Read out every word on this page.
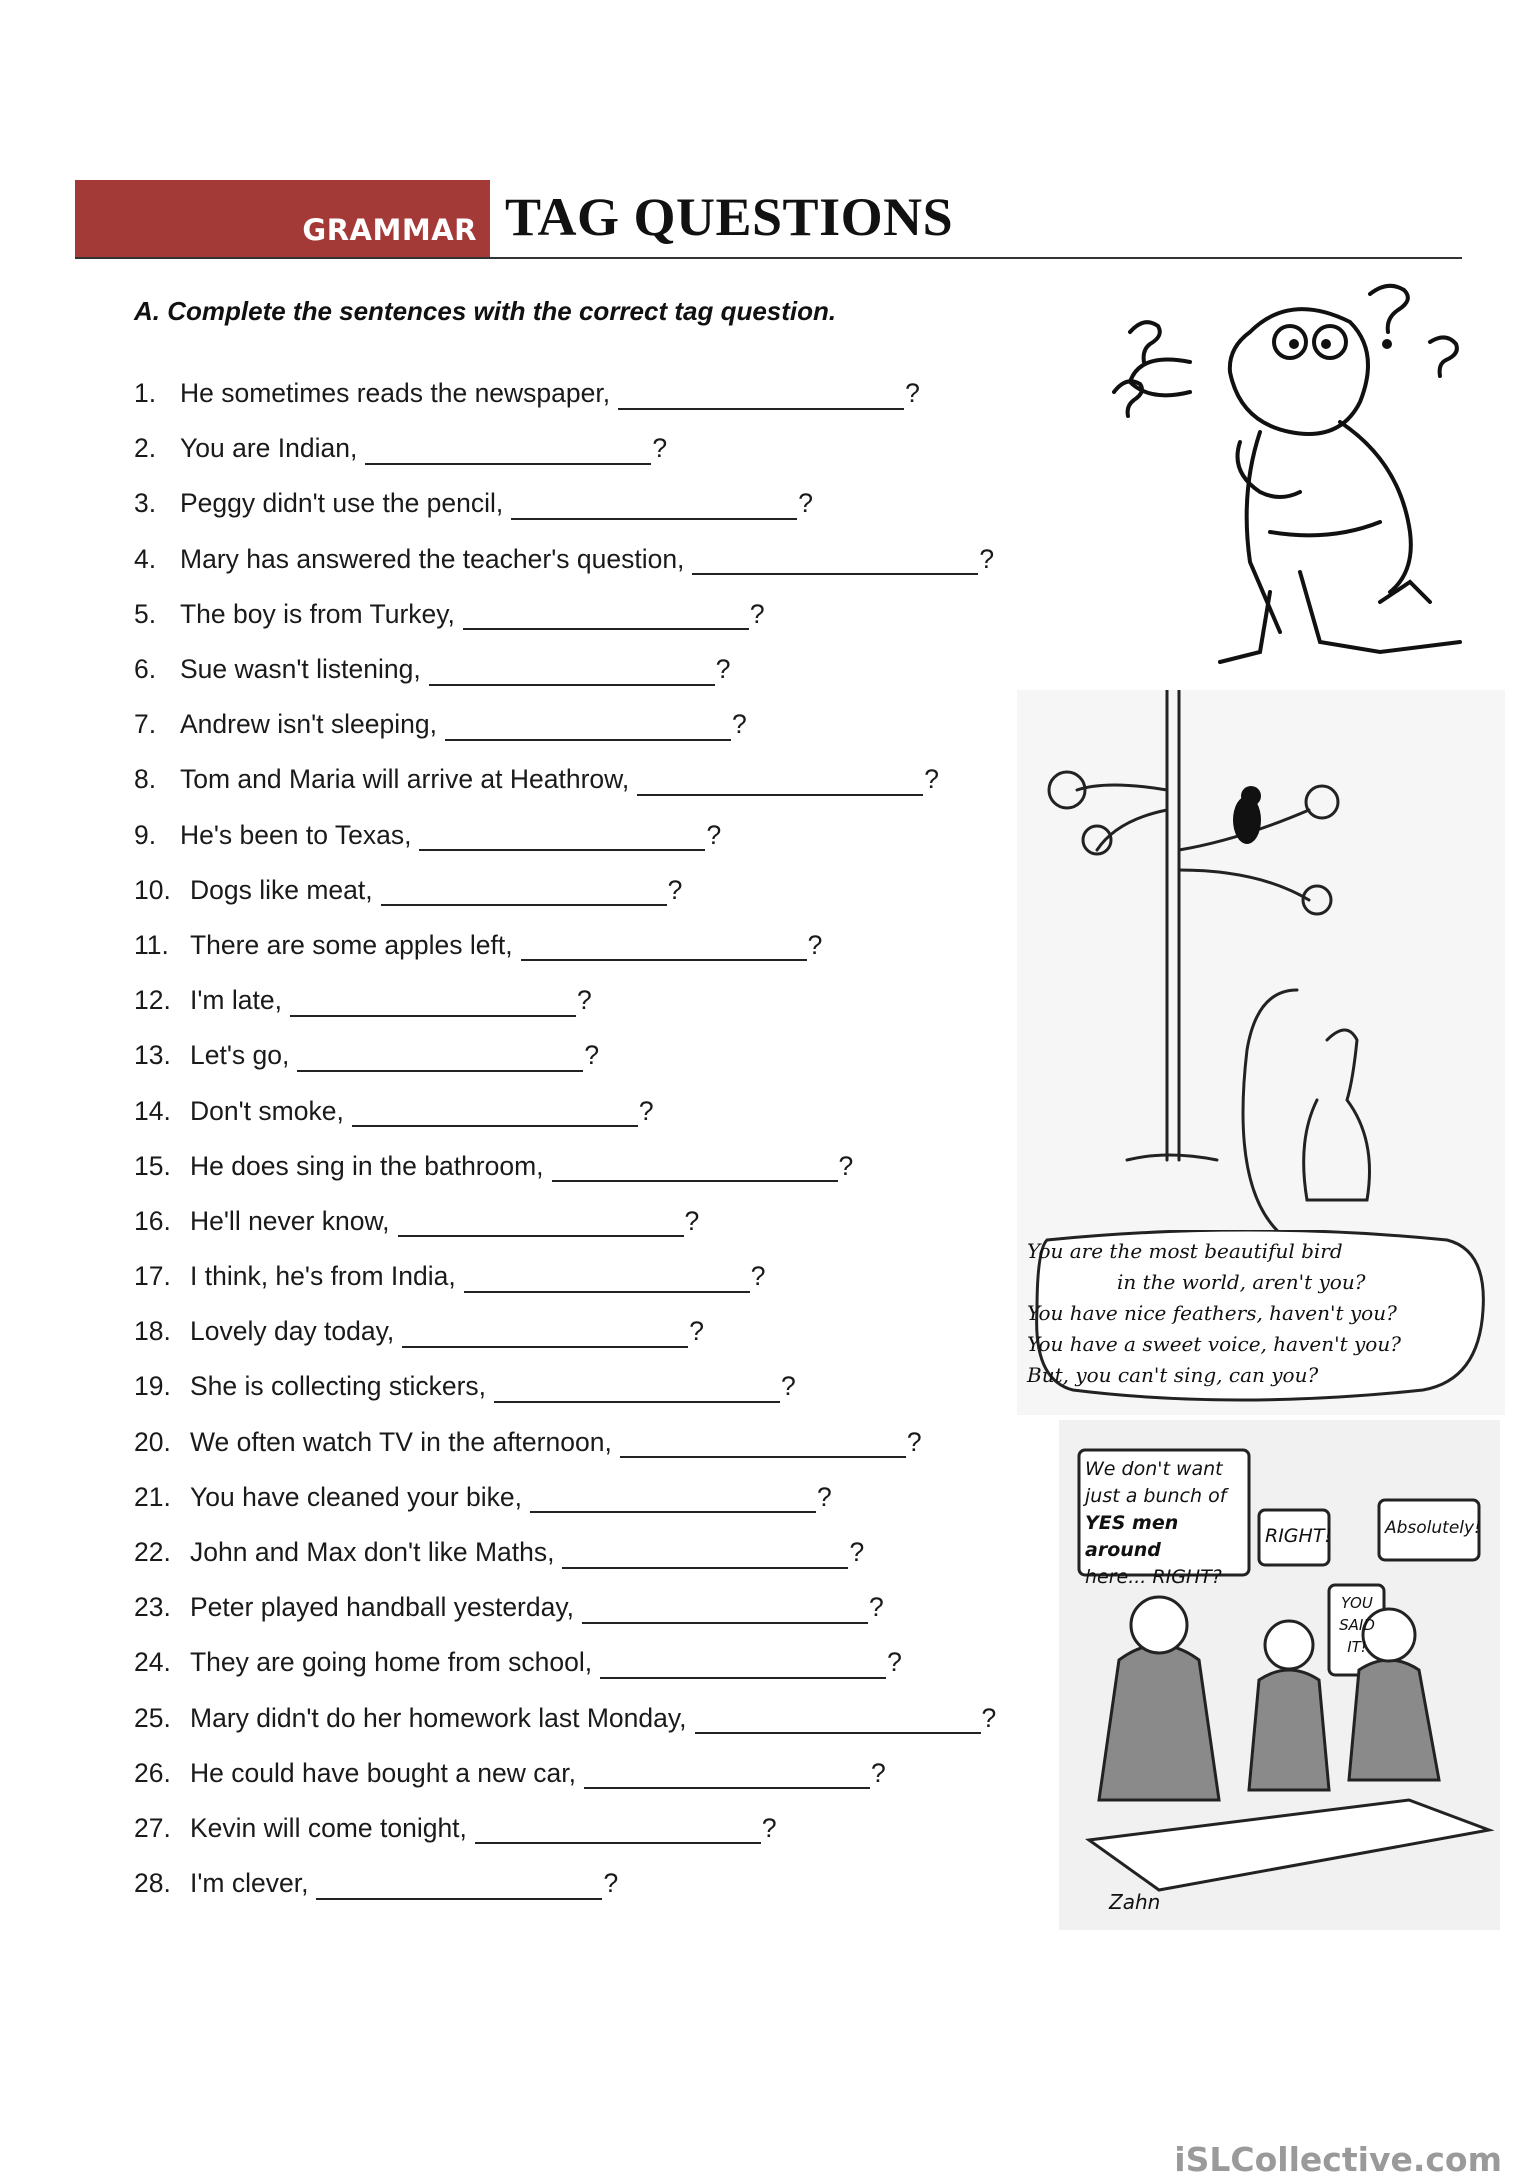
GRAMMAR TAG QUESTIONS
A. Complete the sentences with the correct tag question.
1. He sometimes reads the newspaper,	?
2. You are Indian,	?
3. Peggy didn't use the pencil,	?
4. Mary has answered the teacher's question,	?
5. The boy is from Turkey,	?
6. Sue wasn't listening,	?
7. Andrew isn't sleeping,	?
8. Tom and Maria will arrive at Heathrow,	?
9. He's been to Texas,	?
10. Dogs like meat,	?
11. There are some apples left,	?
12. I'm late,	?
13. Let's go,	?
14. Don't smoke,	?
15. He does sing in the bathroom,	?
16. He'll never know,	?
17. I think, he's from India,	?
18. Lovely day today,	?
19. She is collecting stickers,	?
20. We often watch TV in the afternoon,	?
21. You have cleaned your bike,	?
22. John and Max don't like Maths,	?
23. Peter played handball yesterday,	?
24. They are going home from school,	?
25. Mary didn't do her homework last Monday,	?
26. He could have bought a new car,	?
27. Kevin will come tonight,	?
28. I'm clever,	?
You are the most beautiful bird
in the world, aren't you?
You have nice feathers, haven't you?
You have a sweet voice, haven't you?
But, you can't sing, can you?
We don't want
just a bunch of
YES men around
here... RIGHT?
RIGHT!	Absolutely!
YOU
SAID
IT!
Zahn
iSLCollective.com
